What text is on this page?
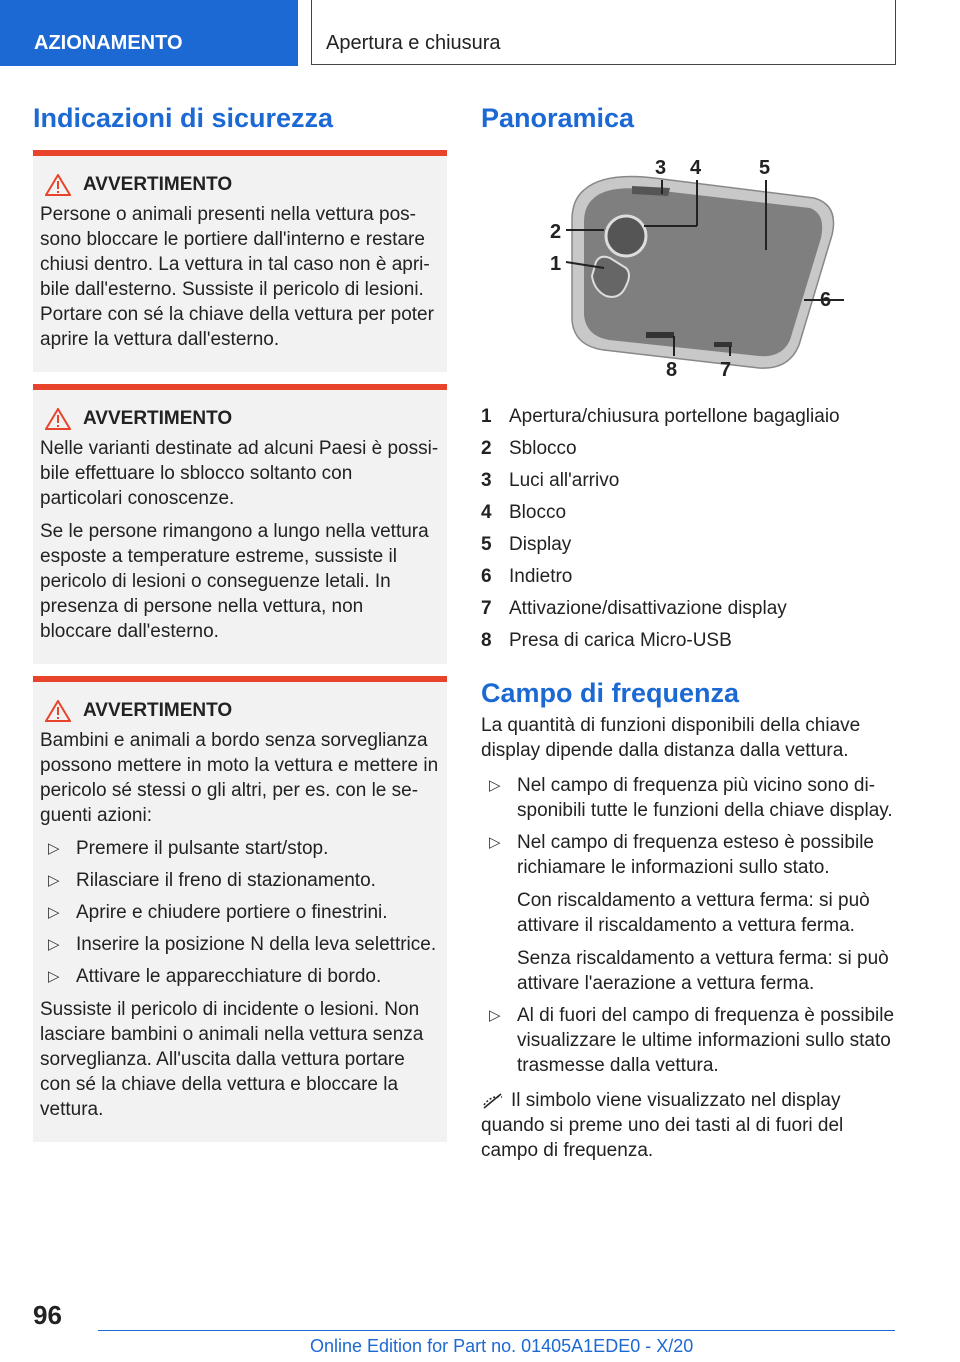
AZIONAMENTO	Apertura e chiusura
Indicazioni di sicurezza
AVVERTIMENTO

Persone o animali presenti nella vettura possono bloccare le portiere dall'interno e restare chiusi dentro. La vettura in tal caso non è apribile dall'esterno. Sussiste il pericolo di lesioni. Portare con sé la chiave della vettura per poter aprire la vettura dall'esterno.

AVVERTIMENTO

Nelle varianti destinate ad alcuni Paesi è possibile effettuare lo sblocco soltanto con particolari conoscenze.

Se le persone rimangono a lungo nella vettura esposte a temperature estreme, sussiste il pericolo di lesioni o conseguenze letali. In presenza di persone nella vettura, non bloccare dall'esterno.

AVVERTIMENTO

Bambini e animali a bordo senza sorveglianza possono mettere in moto la vettura e mettere in pericolo sé stessi o gli altri, per es. con le seguenti azioni:

▷ Premere il pulsante start/stop.
▷ Rilasciare il freno di stazionamento.
▷ Aprire e chiudere portiere o finestrini.
▷ Inserire la posizione N della leva selettrice.
▷ Attivare le apparecchiature di bordo.

Sussiste il pericolo di incidente o lesioni. Non lasciare bambini o animali nella vettura senza sorveglianza. All'uscita dalla vettura portare con sé la chiave della vettura e bloccare la vettura.

Panoramica
1
2
3 4	5
6
7
8
1 Apertura/chiusura portellone bagagliaio
2 Sblocco
3 Luci all'arrivo
4 Blocco
5 Display
6 Indietro
7 Attivazione/disattivazione display
8 Presa di carica Micro-USB
Campo di frequenza

La quantità di funzioni disponibili della chiave display dipende dalla distanza dalla vettura.

▷ Nel campo di frequenza più vicino sono disponibili tutte le funzioni della chiave display.
▷ Nel campo di frequenza esteso è possibile richiamare le informazioni sullo stato.
Con riscaldamento a vettura ferma: si può attivare il riscaldamento a vettura ferma.
Senza riscaldamento a vettura ferma: si può attivare l'aerazione a vettura ferma.
▷ Al di fuori del campo di frequenza è possibile visualizzare le ultime informazioni sullo stato trasmesse dalla vettura.

Il simbolo viene visualizzato nel display quando si preme uno dei tasti al di fuori del campo di frequenza.

96
Online Edition for Part no. 01405A1EDE0 - X/20
